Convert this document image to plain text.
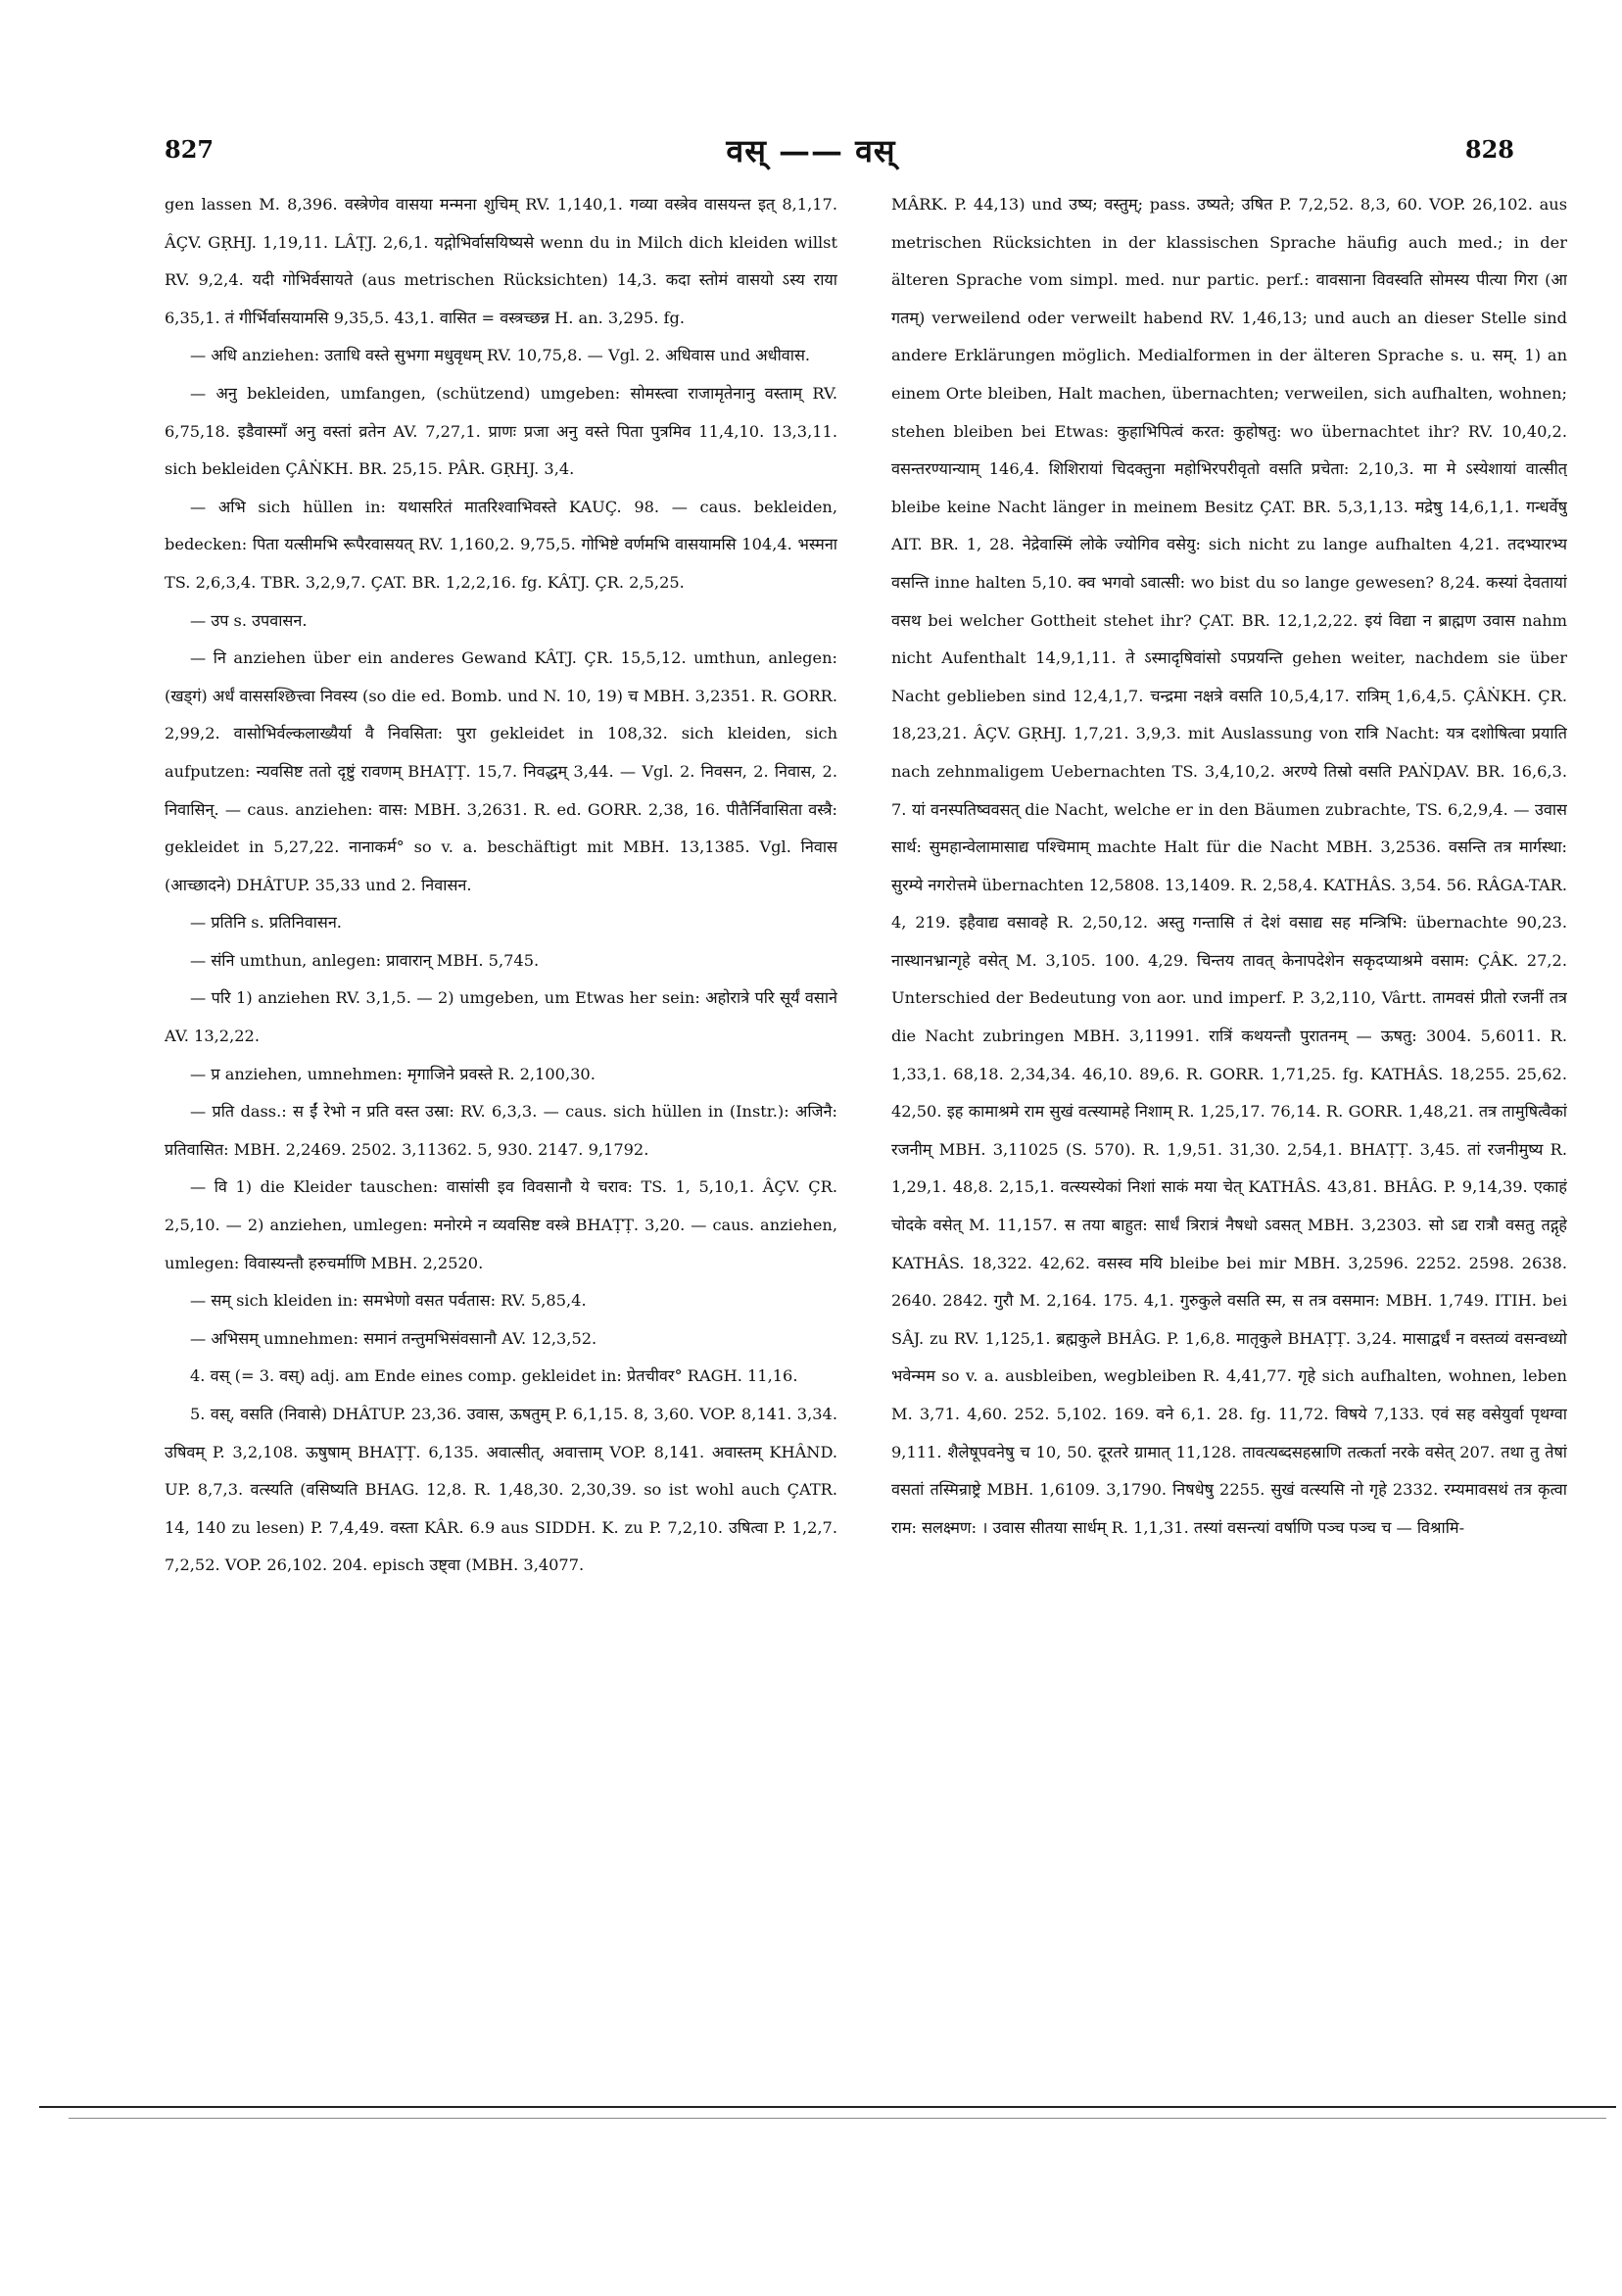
827	वस् —— वस्	828

gen lassen M. 8,396. वस्त्रेणेव वासया मन्मना शुचिम् RV. 1,140,1. गव्या वस्त्रेव वासयन्त इत् 8,1,17. ÂÇV. GṚHJ. 1,19,11. LÂṬJ. 2,6,1. यद्गोभिर्वासयिष्यसे wenn du in Milch dich kleiden willst RV. 9,2,4. यदी गोभिर्वसायते (aus metrischen Rücksichten) 14,3. कदा स्तोमं वासयो ऽस्य राया 6,35,1. तं गीर्भिर्वासयामसि 9,35,5. 43,1. वासित = वस्त्रच्छन्न H. an. 3,295. fg.

— अधि anziehen: उताधि वस्ते सुभगा मधुवृधम् RV. 10,75,8. — Vgl. 2. अधिवास und अधीवास.

— अनु bekleiden, umfangen, (schützend) umgeben: सोमस्त्वा राजामृतेनानु वस्ताम् RV. 6,75,18. इडैवास्माँ अनु वस्तां व्रतेन AV. 7,27,1. प्राणः प्रजा अनु वस्ते पिता पुत्रमिव 11,4,10. 13,3,11. sich bekleiden ÇÂṄKH. BR. 25,15. PÂR. GṚHJ. 3,4.

— अभि sich hüllen in: यथासरितं मातरिश्वाभिवस्ते KAUÇ. 98. — caus. bekleiden, bedecken: पिता यत्सीमभि रूपैरवासयत् RV. 1,160,2. 9,75,5. गोभिष्टे वर्णमभि वासयामसि 104,4. भस्मना TS. 2,6,3,4. TBR. 3,2,9,7. ÇAT. BR. 1,2,2,16. fg. KÂTJ. ÇR. 2,5,25.

— उप s. उपवासन.

— नि anziehen über ein anderes Gewand KÂTJ. ÇR. 15,5,12. umthun, anlegen: (खड्गं) अर्धं वाससश्छित्त्वा निवस्य (so die ed. Bomb. und N. 10, 19) च MBH. 3,2351. R. GORR. 2,99,2. वासोभिर्वल्कलाख्यैर्या वै निवसिता: पुरा gekleidet in 108,32. sich kleiden, sich aufputzen: न्यवसिष्ट ततो दृष्टुं रावणम् BHAṬṬ. 15,7. निवद्धम् 3,44. — Vgl. 2. निवसन, 2. निवास, 2. निवासिन्. — caus. anziehen: वास: MBH. 3,2631. R. ed. GORR. 2,38, 16. पीतैर्निवासिता वस्त्रै: gekleidet in 5,27,22. नानाकर्म° so v. a. beschäftigt mit MBH. 13,1385. Vgl. निवास (आच्छादने) DHÂTUP. 35,33 und 2. निवासन.

— प्रतिनि s. प्रतिनिवासन.

— संनि umthun, anlegen: प्रावारान् MBH. 5,745.

— परि 1) anziehen RV. 3,1,5. — 2) umgeben, um Etwas her sein: अहोरात्रे परि सूर्यं वसाने AV. 13,2,22.

— प्र anziehen, umnehmen: मृगाजिने प्रवस्ते R. 2,100,30.

— प्रति dass.: स ईं रेभो न प्रति वस्त उस्रा: RV. 6,3,3. — caus. sich hüllen in (Instr.): अजिनै: प्रतिवासित: MBH. 2,2469. 2502. 3,11362. 5, 930. 2147. 9,1792.

— वि 1) die Kleider tauschen: वासांसी इव विवसानौ ये चराव: TS. 1, 5,10,1. ÂÇV. ÇR. 2,5,10. — 2) anziehen, umlegen: मनोरमे न व्यवसिष्ट वस्त्रे BHAṬṬ. 3,20. — caus. anziehen, umlegen: विवास्यन्तौ हरुचर्माणि MBH. 2,2520.

— सम् sich kleiden in: समभेणो वसत पर्वतास: RV. 5,85,4.

— अभिसम् umnehmen: समानं तन्तुमभिसंवसानौ AV. 12,3,52.

4. वस् (= 3. वस्) adj. am Ende eines comp. gekleidet in: प्रेतचीवर° RAGH. 11,16.

5. वस्, वसति (निवासे) DHÂTUP. 23,36. उवास, ऊषतुम् P. 6,1,15. 8, 3,60. VOP. 8,141. 3,34. उषिवम् P. 3,2,108. ऊषुषाम् BHAṬṬ. 6,135. अवात्सीत्, अवात्ताम् VOP. 8,141. अवास्तम् KHÂND. UP. 8,7,3. वत्स्यति (वसिष्यति BHAG. 12,8. R. 1,48,30. 2,30,39. so ist wohl auch ÇATR. 14, 140 zu lesen) P. 7,4,49. वस्ता KÂR. 6.9 aus SIDDH. K. zu P. 7,2,10. उषित्वा P. 1,2,7. 7,2,52. VOP. 26,102. 204. episch उष्ट्वा (MBH. 3,4077.

MÂRK. P. 44,13) und उष्य; वस्तुम्; pass. उष्यते; उषित P. 7,2,52. 8,3, 60. VOP. 26,102. aus metrischen Rücksichten in der klassischen Sprache häufig auch med.; in der älteren Sprache vom simpl. med. nur partic. perf.: वावसाना विवस्वति सोमस्य पीत्या गिरा (आ गतम्) verweilend oder verweilt habend RV. 1,46,13; und auch an dieser Stelle sind andere Erklärungen möglich. Medialformen in der älteren Sprache s. u. सम्. 1) an einem Orte bleiben, Halt machen, übernachten; verweilen, sich aufhalten, wohnen; stehen bleiben bei Etwas: कुहाभिपित्वं करत: कुहोषतु: wo übernachtet ihr? RV. 10,40,2. वसन्तरण्यान्याम् 146,4. शिशिरायां चिदक्तुना महोभिरपरीवृतो वसति प्रचेता: 2,10,3. मा मे ऽस्येशायां वात्सीत् bleibe keine Nacht länger in meinem Besitz ÇAT. BR. 5,3,1,13. मद्रेषु 14,6,1,1. गन्धर्वेषु AIT. BR. 1, 28. नेद्रेवास्मिं लोके ज्योगिव वसेयु: sich nicht zu lange aufhalten 4,21. तदभ्यारभ्य वसन्ति inne halten 5,10. क्व भगवो ऽवात्सी: wo bist du so lange gewesen? 8,24. कस्यां देवतायां वसथ bei welcher Gottheit stehet ihr? ÇAT. BR. 12,1,2,22. इयं विद्या न ब्राह्मण उवास nahm nicht Aufenthalt 14,9,1,11. ते ऽस्मादृषिवांसो ऽपप्रयन्ति gehen weiter, nachdem sie über Nacht geblieben sind 12,4,1,7. चन्द्रमा नक्षत्रे वसति 10,5,4,17. रात्रिम् 1,6,4,5. ÇÂṄKH. ÇR. 18,23,21. ÂÇV. GṚHJ. 1,7,21. 3,9,3. mit Auslassung von रात्रि Nacht: यत्र दशोषित्वा प्रयाति nach zehnmaligem Uebernachten TS. 3,4,10,2. अरण्ये तिस्रो वसति PAṄḌAV. BR. 16,6,3. 7. यां वनस्पतिष्ववसत् die Nacht, welche er in den Bäumen zubrachte, TS. 6,2,9,4. — उवास सार्थ: सुमहान्वेलामासाद्य पश्चिमाम् machte Halt für die Nacht MBH. 3,2536. वसन्ति तत्र मार्गस्था: सुरम्ये नगरोत्तमे übernachten 12,5808. 13,1409. R. 2,58,4. KATHÂS. 3,54. 56. RÂGA-TAR. 4, 219. इहैवाद्य वसावहे R. 2,50,12. अस्तु गन्तासि तं देशं वसाद्य सह मन्त्रिभि: übernachte 90,23. नास्थानभ्रान्गृहे वसेत् M. 3,105. 100. 4,29. चिन्तय तावत् केनापदेशेन सकृदप्याश्रमे वसाम: ÇÂK. 27,2. Unterschied der Bedeutung von aor. und imperf. P. 3,2,110, Vârtt. तामवसं प्रीतो रजनीं तत्र die Nacht zubringen MBH. 3,11991. रात्रिं कथयन्तौ पुरातनम् — ऊषतु: 3004. 5,6011. R. 1,33,1. 68,18. 2,34,34. 46,10. 89,6. R. GORR. 1,71,25. fg. KATHÂS. 18,255. 25,62. 42,50. इह कामाश्रमे राम सुखं वत्स्यामहे निशाम् R. 1,25,17. 76,14. R. GORR. 1,48,21. तत्र तामुषित्वैकां रजनीम् MBH. 3,11025 (S. 570). R. 1,9,51. 31,30. 2,54,1. BHAṬṬ. 3,45. तां रजनीमुष्य R. 1,29,1. 48,8. 2,15,1. वत्स्यस्येकां निशां साकं मया चेत् KATHÂS. 43,81. BHÂG. P. 9,14,39. एकाहं चोदके वसेत् M. 11,157. स तया बाहुत: सार्धं त्रिरात्रं नैषधो ऽवसत् MBH. 3,2303. सो ऽद्य रात्रौ वसतु तद्गृहे KATHÂS. 18,322. 42,62. वसस्व मयि bleibe bei mir MBH. 3,2596. 2252. 2598. 2638. 2640. 2842. गुरौ M. 2,164. 175. 4,1. गुरुकुले वसति स्म, स तत्र वसमान: MBH. 1,749. ITIH. bei SÂJ. zu RV. 1,125,1. ब्रह्मकुले BHÂG. P. 1,6,8. मातृकुले BHAṬṬ. 3,24. मासाद्वर्धं न वस्तव्यं वसन्वध्यो भवेन्मम so v. a. ausbleiben, wegbleiben R. 4,41,77. गृहे sich aufhalten, wohnen, leben M. 3,71. 4,60. 252. 5,102. 169. वने 6,1. 28. fg. 11,72. विषये 7,133. एवं सह वसेयुर्वा पृथग्वा 9,111. शैलेषूपवनेषु च 10, 50. दूरतरे ग्रामात् 11,128. तावत्यब्दसहस्राणि तत्कर्ता नरके वसेत् 207. तथा तु तेषां वसतां तस्मिन्राष्ट्रे MBH. 1,6109. 3,1790. निषधेषु 2255. सुखं वत्स्यसि नो गृहे 2332. रम्यमावसथं तत्र कृत्वा राम: सलक्ष्मण: । उवास सीतया सार्धम् R. 1,1,31. तस्यां वसन्त्यां वर्षाणि पञ्च पञ्च च — विश्रामि-
